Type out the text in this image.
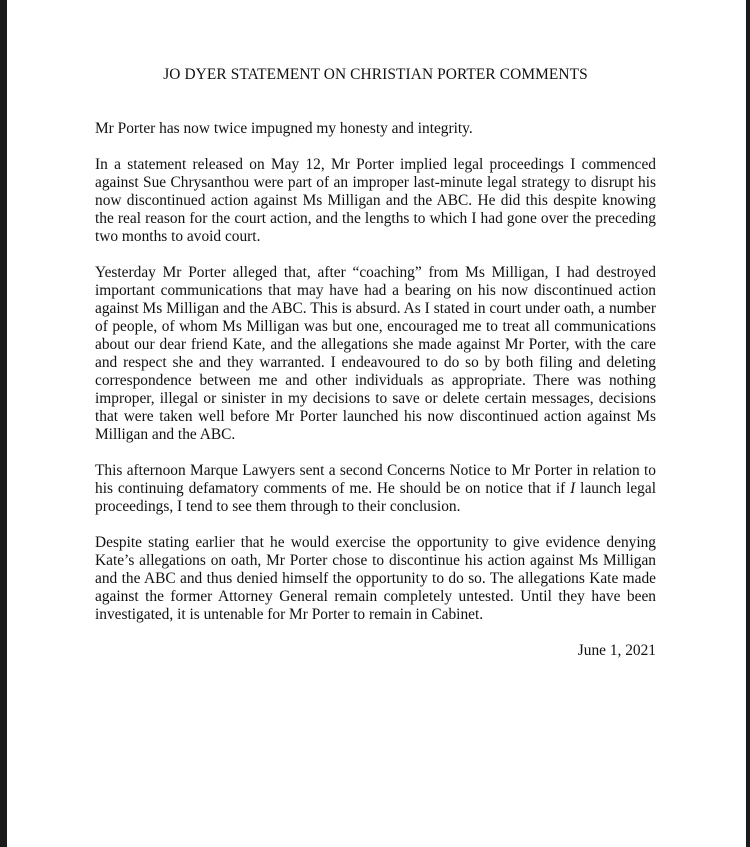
JO DYER STATEMENT ON CHRISTIAN PORTER COMMENTS

Mr Porter has now twice impugned my honesty and integrity.

In a statement released on May 12, Mr Porter implied legal proceedings I commenced against Sue Chrysanthou were part of an improper last-minute legal strategy to disrupt his now discontinued action against Ms Milligan and the ABC. He did this despite knowing the real reason for the court action, and the lengths to which I had gone over the preceding two months to avoid court.

Yesterday Mr Porter alleged that, after “coaching” from Ms Milligan, I had destroyed important communications that may have had a bearing on his now discontinued action against Ms Milligan and the ABC. This is absurd. As I stated in court under oath, a number of people, of whom Ms Milligan was but one, encouraged me to treat all communications about our dear friend Kate, and the allegations she made against Mr Porter, with the care and respect she and they warranted. I endeavoured to do so by both filing and deleting correspondence between me and other individuals as appropriate. There was nothing improper, illegal or sinister in my decisions to save or delete certain messages, decisions that were taken well before Mr Porter launched his now discontinued action against Ms Milligan and the ABC.

This afternoon Marque Lawyers sent a second Concerns Notice to Mr Porter in relation to his continuing defamatory comments of me. He should be on notice that if I launch legal proceedings, I tend to see them through to their conclusion.

Despite stating earlier that he would exercise the opportunity to give evidence denying Kate’s allegations on oath, Mr Porter chose to discontinue his action against Ms Milligan and the ABC and thus denied himself the opportunity to do so. The allegations Kate made against the former Attorney General remain completely untested. Until they have been investigated, it is untenable for Mr Porter to remain in Cabinet.

June 1, 2021
